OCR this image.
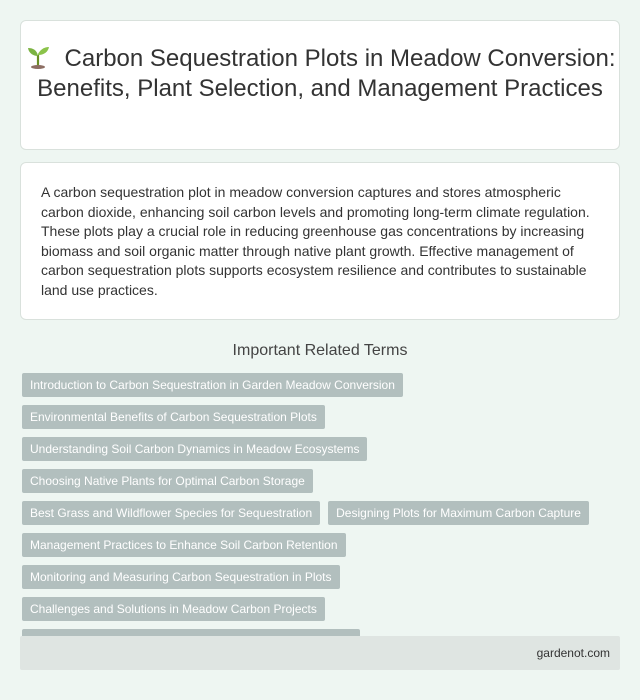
Carbon Sequestration Plots in Meadow Conversion: Benefits, Plant Selection, and Management Practices

A carbon sequestration plot in meadow conversion captures and stores atmospheric carbon dioxide, enhancing soil carbon levels and promoting long-term climate regulation. These plots play a crucial role in reducing greenhouse gas concentrations by increasing biomass and soil organic matter through native plant growth. Effective management of carbon sequestration plots supports ecosystem resilience and contributes to sustainable land use practices.

Important Related Terms
Introduction to Carbon Sequestration in Garden Meadow Conversion
Environmental Benefits of Carbon Sequestration Plots
Understanding Soil Carbon Dynamics in Meadow Ecosystems
Choosing Native Plants for Optimal Carbon Storage
Best Grass and Wildflower Species for Sequestration	Designing Plots for Maximum Carbon Capture
Management Practices to Enhance Soil Carbon Retention
Monitoring and Measuring Carbon Sequestration in Plots
Challenges and Solutions in Meadow Carbon Projects
gardenot.com
